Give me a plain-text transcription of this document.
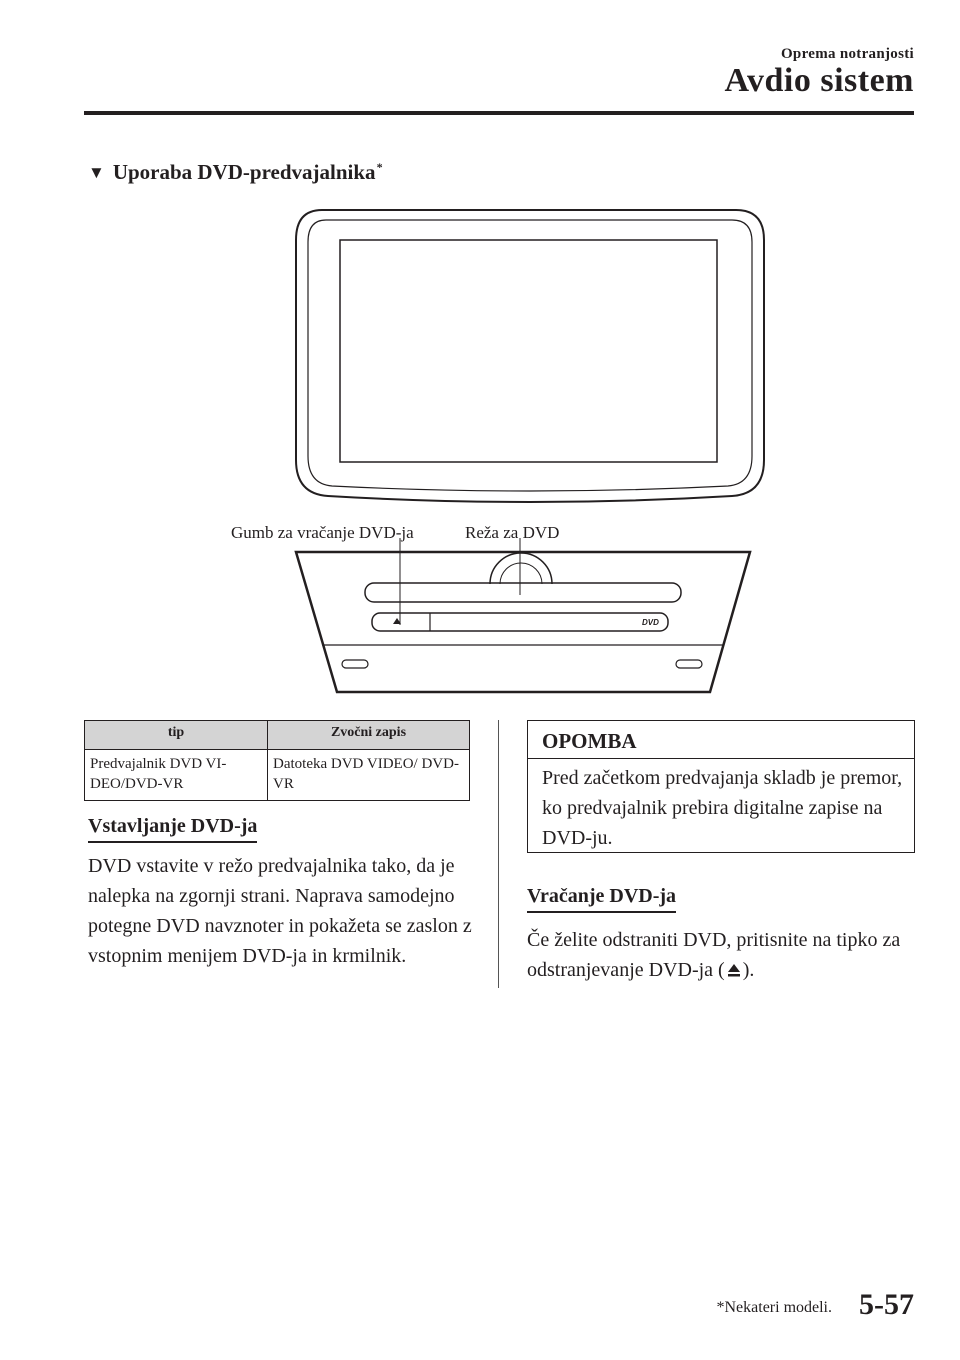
Oprema notranjosti
Avdio sistem
▼ Uporaba DVD-predvajalnika*
DVD
Gumb za vračanje DVD-ja	Reža za DVD
tip	Zvočni zapis
Predvajalnik DVD VI-DEO/DVD-VR	Datoteka DVD VIDEO/ DVD-VR
Vstavljanje DVD-ja
DVD vstavite v režo predvajalnika tako, da je nalepka na zgornji strani. Naprava samodejno potegne DVD navznoter in pokažeta se zaslon z vstopnim menijem DVD-ja in krmilnik.
OPOMBA
Pred začetkom predvajanja skladb je premor, ko predvajalnik prebira digitalne zapise na DVD-ju.
Vračanje DVD-ja
Če želite odstraniti DVD, pritisnite na tipko za odstranjevanje DVD-ja ( ).
*Nekateri modeli. 5-57
